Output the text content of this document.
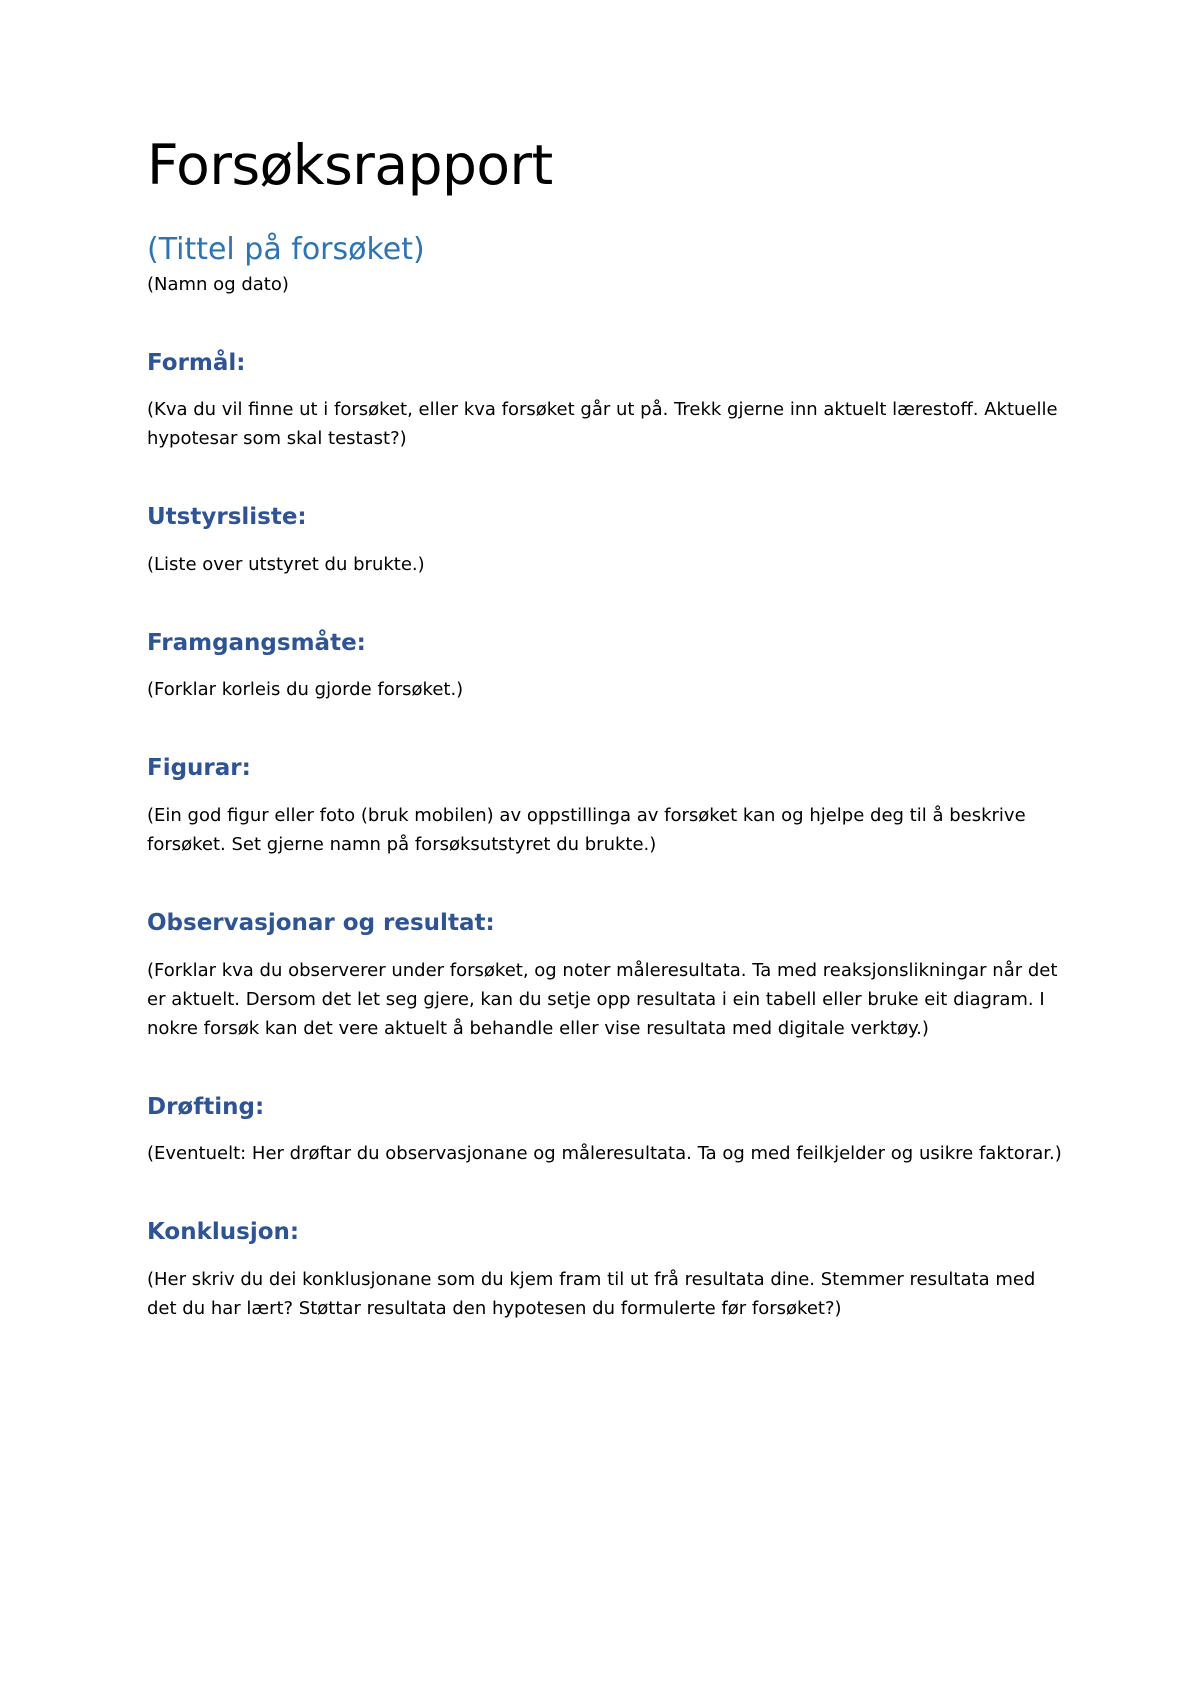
Forsøksrapport
(Tittel på forsøket)
(Namn og dato)
Formål:

(Kva du vil finne ut i forsøket, eller kva forsøket går ut på. Trekk gjerne inn aktuelt lærestoff. Aktuelle hypotesar som skal testast?)

Utstyrsliste:

(Liste over utstyret du brukte.)

Framgangsmåte:

(Forklar korleis du gjorde forsøket.)

Figurar:

(Ein god figur eller foto (bruk mobilen) av oppstillinga av forsøket kan og hjelpe deg til å beskrive forsøket. Set gjerne namn på forsøksutstyret du brukte.)

Observasjonar og resultat:

(Forklar kva du observerer under forsøket, og noter måleresultata. Ta med reaksjonslikningar når det er aktuelt. Dersom det let seg gjere, kan du setje opp resultata i ein tabell eller bruke eit diagram. I nokre forsøk kan det vere aktuelt å behandle eller vise resultata med digitale verktøy.)

Drøfting:

(Eventuelt: Her drøftar du observasjonane og måleresultata. Ta og med feilkjelder og usikre faktorar.)

Konklusjon:

(Her skriv du dei konklusjonane som du kjem fram til ut frå resultata dine. Stemmer resultata med det du har lært? Støttar resultata den hypotesen du formulerte før forsøket?)
